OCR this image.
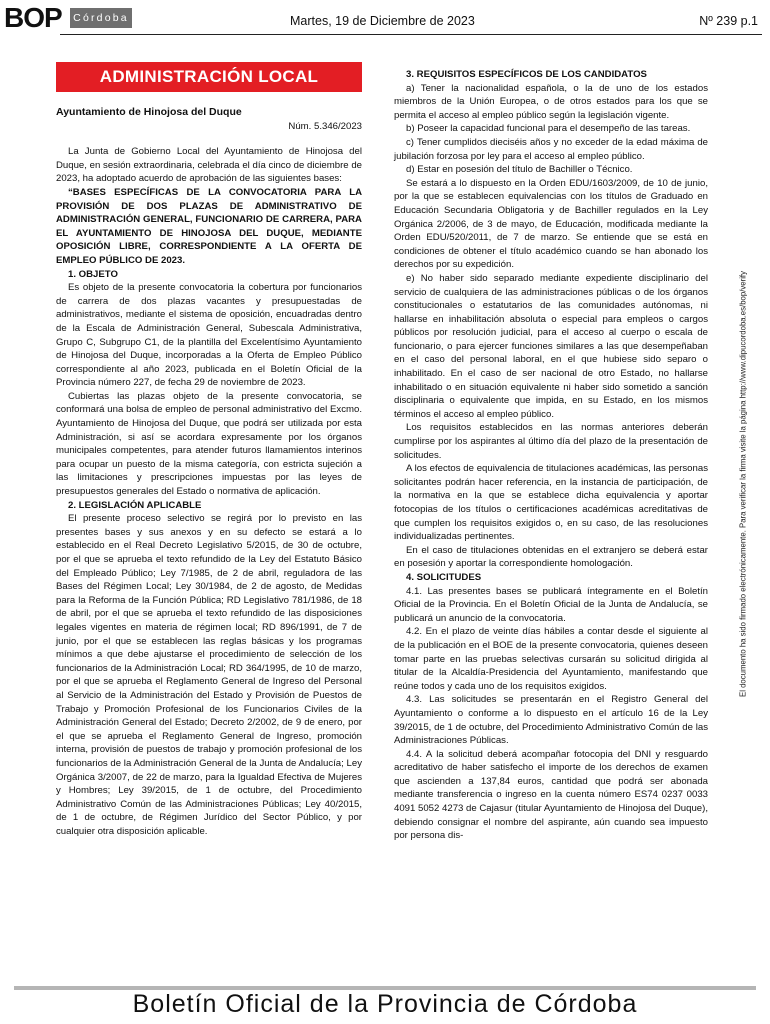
BOP	Córdoba	Martes, 19 de Diciembre de 2023	Nº 239 p.1
ADMINISTRACIÓN LOCAL

Ayuntamiento de Hinojosa del Duque

Núm. 5.346/2023

La Junta de Gobierno Local del Ayuntamiento de Hinojosa del Duque, en sesión extraordinaria, celebrada el día cinco de diciembre de 2023, ha adoptado acuerdo de aprobación de las siguientes bases:

“BASES ESPECÍFICAS DE LA CONVOCATORIA PARA LA PROVISIÓN DE DOS PLAZAS DE ADMINISTRATIVO DE ADMINISTRACIÓN GENERAL, FUNCIONARIO DE CARRERA, PARA EL AYUNTAMIENTO DE HINOJOSA DEL DUQUE, MEDIANTE OPOSICIÓN LIBRE, CORRESPONDIENTE A LA OFERTA DE EMPLEO PÚBLICO DE 2023.

1. OBJETO

Es objeto de la presente convocatoria la cobertura por funcionarios de carrera de dos plazas vacantes y presupuestadas de administrativos, mediante el sistema de oposición, encuadradas dentro de la Escala de Administración General, Subescala Administrativa, Grupo C, Subgrupo C1, de la plantilla del Excelentísimo Ayuntamiento de Hinojosa del Duque, incorporadas a la Oferta de Empleo Público correspondiente al año 2023, publicada en el Boletín Oficial de la Provincia número 227, de fecha 29 de noviembre de 2023.

Cubiertas las plazas objeto de la presente convocatoria, se conformará una bolsa de empleo de personal administrativo del Excmo. Ayuntamiento de Hinojosa del Duque, que podrá ser utilizada por esta Administración, si así se acordara expresamente por los órganos municipales competentes, para atender futuros llamamientos interinos para ocupar un puesto de la misma categoría, con estricta sujeción a las limitaciones y prescripciones impuestas por las leyes de presupuestos generales del Estado o normativa de aplicación.

2. LEGISLACIÓN APLICABLE

El presente proceso selectivo se regirá por lo previsto en las presentes bases y sus anexos y en su defecto se estará a lo establecido en el Real Decreto Legislativo 5/2015, de 30 de octubre, por el que se aprueba el texto refundido de la Ley del Estatuto Básico del Empleado Público; Ley 7/1985, de 2 de abril, reguladora de las Bases del Régimen Local; Ley 30/1984, de 2 de agosto, de Medidas para la Reforma de la Función Pública; RD Legislativo 781/1986, de 18 de abril, por el que se aprueba el texto refundido de las disposiciones legales vigentes en materia de régimen local; RD 896/1991, de 7 de junio, por el que se establecen las reglas básicas y los programas mínimos a que debe ajustarse el procedimiento de selección de los funcionarios de la Administración Local; RD 364/1995, de 10 de marzo, por el que se aprueba el Reglamento General de Ingreso del Personal al Servicio de la Administración del Estado y Provisión de Puestos de Trabajo y Promoción Profesional de los Funcionarios Civiles de la Administración General del Estado; Decreto 2/2002, de 9 de enero, por el que se aprueba el Reglamento General de Ingreso, promoción interna, provisión de puestos de trabajo y promoción profesional de los funcionarios de la Administración General de la Junta de Andalucía; Ley Orgánica 3/2007, de 22 de marzo, para la Igualdad Efectiva de Mujeres y Hombres; Ley 39/2015, de 1 de octubre, del Procedimiento Administrativo Común de las Administraciones Públicas; Ley 40/2015, de 1 de octubre, de Régimen Jurídico del Sector Público, y por cualquier otra disposición aplicable.

3. REQUISITOS ESPECÍFICOS DE LOS CANDIDATOS

a) Tener la nacionalidad española, o la de uno de los estados miembros de la Unión Europea, o de otros estados para los que se permita el acceso al empleo público según la legislación vigente.

b) Poseer la capacidad funcional para el desempeño de las tareas.

c) Tener cumplidos dieciséis años y no exceder de la edad máxima de jubilación forzosa por ley para el acceso al empleo público.

d) Estar en posesión del título de Bachiller o Técnico.

Se estará a lo dispuesto en la Orden EDU/1603/2009, de 10 de junio, por la que se establecen equivalencias con los títulos de Graduado en Educación Secundaria Obligatoria y de Bachiller regulados en la Ley Orgánica 2/2006, de 3 de mayo, de Educación, modificada mediante la Orden EDU/520/2011, de 7 de marzo. Se entiende que se está en condiciones de obtener el título académico cuando se han abonado los derechos por su expedición.

e) No haber sido separado mediante expediente disciplinario del servicio de cualquiera de las administraciones públicas o de los órganos constitucionales o estatutarios de las comunidades autónomas, ni hallarse en inhabilitación absoluta o especial para empleos o cargos públicos por resolución judicial, para el acceso al cuerpo o escala de funcionario, o para ejercer funciones similares a las que desempeñaban en el caso del personal laboral, en el que hubiese sido separo o inhabilitado. En el caso de ser nacional de otro Estado, no hallarse inhabilitado o en situación equivalente ni haber sido sometido a sanción disciplinaria o equivalente que impida, en su Estado, en los mismos términos el acceso al empleo público.

Los requisitos establecidos en las normas anteriores deberán cumplirse por los aspirantes al último día del plazo de la presentación de solicitudes.

A los efectos de equivalencia de titulaciones académicas, las personas solicitantes podrán hacer referencia, en la instancia de participación, de la normativa en la que se establece dicha equivalencia y aportar fotocopias de los títulos o certificaciones académicas acreditativas de que cumplen los requisitos exigidos o, en su caso, de las resoluciones individualizadas pertinentes.

En el caso de titulaciones obtenidas en el extranjero se deberá estar en posesión y aportar la correspondiente homologación.

4. SOLICITUDES

4.1. Las presentes bases se publicará íntegramente en el Boletín Oficial de la Provincia. En el Boletín Oficial de la Junta de Andalucía, se publicará un anuncio de la convocatoria.

4.2. En el plazo de veinte días hábiles a contar desde el siguiente al de la publicación en el BOE de la presente convocatoria, quienes deseen tomar parte en las pruebas selectivas cursarán su solicitud dirigida al titular de la Alcaldía-Presidencia del Ayuntamiento, manifestando que reúne todos y cada uno de los requisitos exigidos.

4.3. Las solicitudes se presentarán en el Registro General del Ayuntamiento o conforme a lo dispuesto en el artículo 16 de la Ley 39/2015, de 1 de octubre, del Procedimiento Administrativo Común de las Administraciones Públicas.

4.4. A la solicitud deberá acompañar fotocopia del DNI y resguardo acreditativo de haber satisfecho el importe de los derechos de examen que ascienden a 137,84 euros, cantidad que podrá ser abonada mediante transferencia o ingreso en la cuenta número ES74 0237 0033 4091 5052 4273 de Cajasur (titular Ayuntamiento de Hinojosa del Duque), debiendo consignar el nombre del aspirante, aún cuando sea impuesto por persona dis-

El documento ha sido firmado electrónicamente. Para verificar la firma visite la página http://www.dipucordoba.es/bop/verify
Boletín Oficial de la Provincia de Córdoba
